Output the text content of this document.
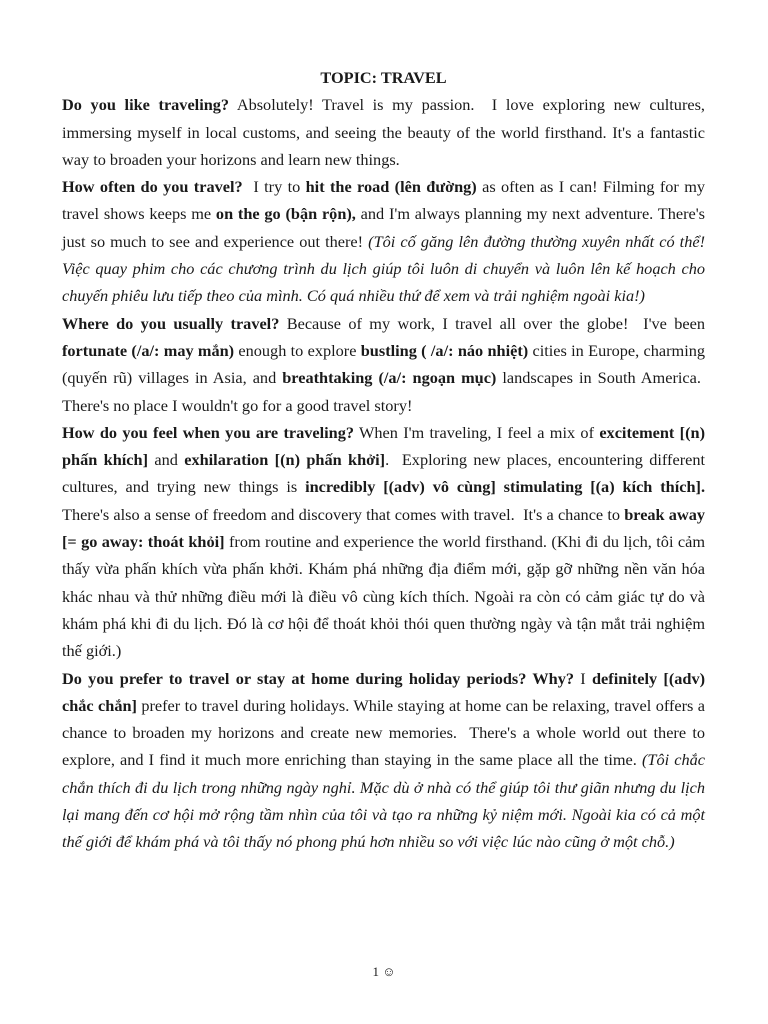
TOPIC: TRAVEL

Do you like traveling? Absolutely! Travel is my passion.  I love exploring new cultures, immersing myself in local customs, and seeing the beauty of the world firsthand. It's a fantastic way to broaden your horizons and learn new things.

How often do you travel?  I try to hit the road (lên đường) as often as I can! Filming for my travel shows keeps me on the go (bận rộn), and I'm always planning my next adventure. There's just so much to see and experience out there! (Tôi cố găng lên đường thường xuyên nhất có thể! Việc quay phim cho các chương trình du lịch giúp tôi luôn di chuyển và luôn lên kế hoạch cho chuyến phiêu lưu tiếp theo của mình. Có quá nhiều thứ để xem và trải nghiệm ngoài kia!)

Where do you usually travel? Because of my work, I travel all over the globe!  I've been fortunate (/a/: may mắn) enough to explore bustling ( /a/: náo nhiệt) cities in Europe, charming (quyến rũ) villages in Asia, and breathtaking (/a/: ngoạn mục) landscapes in South America.  There's no place I wouldn't go for a good travel story!

How do you feel when you are traveling? When I'm traveling, I feel a mix of excitement [(n) phấn khích] and exhilaration [(n) phấn khởi].  Exploring new places, encountering different cultures, and trying new things is incredibly [(adv) vô cùng] stimulating [(a) kích thích]. There's also a sense of freedom and discovery that comes with travel.  It's a chance to break away [= go away: thoát khỏi] from routine and experience the world firsthand. (Khi đi du lịch, tôi cảm thấy vừa phấn khích vừa phấn khởi. Khám phá những địa điểm mới, gặp gỡ những nền văn hóa khác nhau và thử những điều mới là điều vô cùng kích thích. Ngoài ra còn có cảm giác tự do và khám phá khi đi du lịch. Đó là cơ hội để thoát khỏi thói quen thường ngày và tận mắt trải nghiệm thế giới.)

Do you prefer to travel or stay at home during holiday periods? Why? I definitely [(adv) chắc chắn] prefer to travel during holidays. While staying at home can be relaxing, travel offers a chance to broaden my horizons and create new memories.  There's a whole world out there to explore, and I find it much more enriching than staying in the same place all the time. (Tôi chắc chắn thích đi du lịch trong những ngày nghỉ. Mặc dù ở nhà có thể giúp tôi thư giãn nhưng du lịch lại mang đến cơ hội mở rộng tầm nhìn của tôi và tạo ra những kỷ niệm mới. Ngoài kia có cả một thế giới để khám phá và tôi thấy nó phong phú hơn nhiều so với việc lúc nào cũng ở một chỗ.)

1 ☺
